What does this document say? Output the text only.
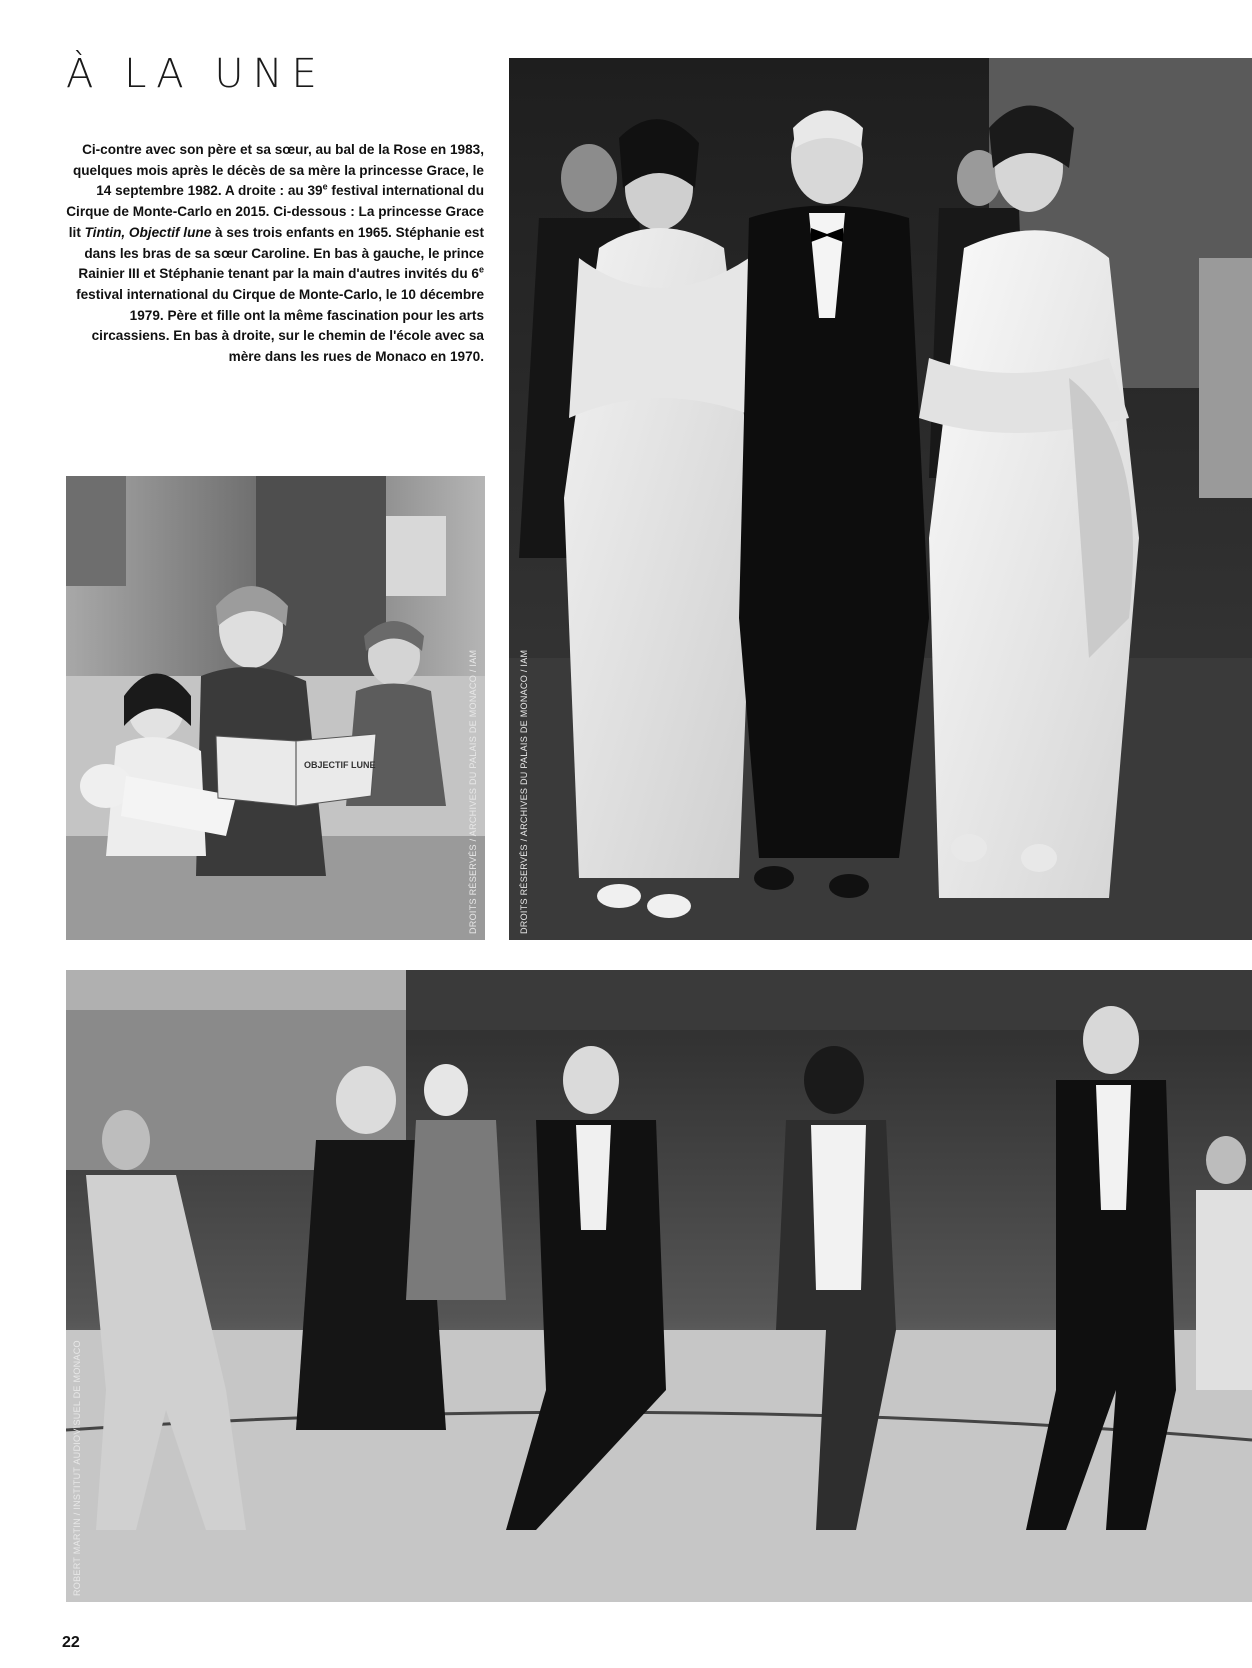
À LA UNE
Ci-contre avec son père et sa sœur, au bal de la Rose en 1983, quelques mois après le décès de sa mère la princesse Grace, le 14 septembre 1982. A droite : au 39e festival international du Cirque de Monte-Carlo en 2015. Ci-dessous : La princesse Grace lit Tintin, Objectif lune à ses trois enfants en 1965. Stéphanie est dans les bras de sa sœur Caroline. En bas à gauche, le prince Rainier III et Stéphanie tenant par la main d'autres invités du 6e festival international du Cirque de Monte-Carlo, le 10 décembre 1979. Père et fille ont la même fascination pour les arts circassiens. En bas à droite, sur le chemin de l'école avec sa mère dans les rues de Monaco en 1970.
DROITS RÉSERVÉS / ARCHIVES DU PALAIS DE MONACO / IAM
OBJECTIF LUNE	DROITS RÉSERVÉS / ARCHIVES DU PALAIS DE MONACO / IAM
ROBERT MARTIN / INSTITUT AUDIOVISUEL DE MONACO
22
